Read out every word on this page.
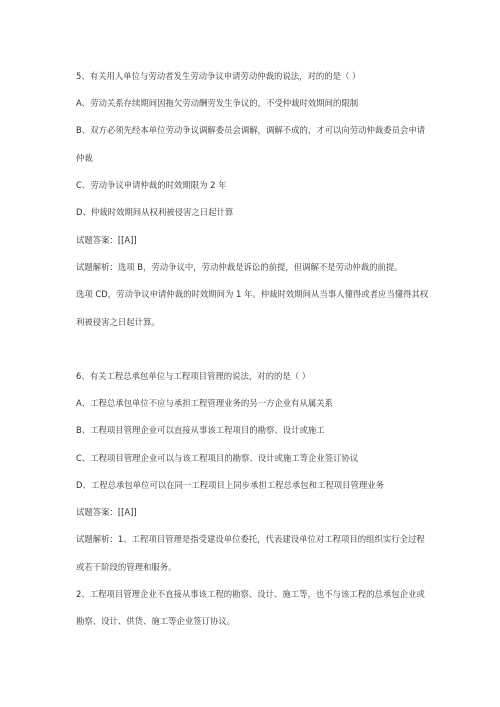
5、有关用人单位与劳动者发生劳动争议申请劳动仲裁的说法，对的的是（ ）
A、劳动关系存续期间因拖欠劳动酬劳发生争议的，不受仲裁时效期间的限制
B、双方必须先经本单位劳动争议调解委员会调解，调解不成的，才可以向劳动仲裁委员会申请
仲裁
C、劳动争议申请仲裁的时效期限为 2 年
D、仲裁时效期间从权利被侵害之日起计算
试题答案：[[A]]
试题解析：选项 B，劳动争议中，劳动仲裁是诉讼的前提，但调解不是劳动仲裁的前提。
选项 CD，劳动争议申请仲裁的时效期间为 1 年。仲裁时效期间从当事人懂得或者应当懂得其权
利被侵害之日起计算。
6、有关工程总承包单位与工程项目管理的说法，对的的是（ ）
A、工程总承包单位不应与承担工程管理业务的另一方企业有从属关系
B、工程项目管理企业可以直接从事该工程项目的勘察、设计或施工
C、工程项目管理企业可以与该工程项目的勘察、设计或施工等企业签订协议
D、工程总承包单位可以在同一工程项目上同步承担工程总承包和工程项目管理业务
试题答案：[[A]]
试题解析：1、工程项目管理是指受建设单位委托，代表建设单位对工程项目的组织实行全过程
或若干阶段的管理和服务。
2、工程项目管理企业不直接从事该工程的勘察、设计、施工等，也不与该工程的总承包企业或
勘察、设计、供货、施工等企业签订协议。
